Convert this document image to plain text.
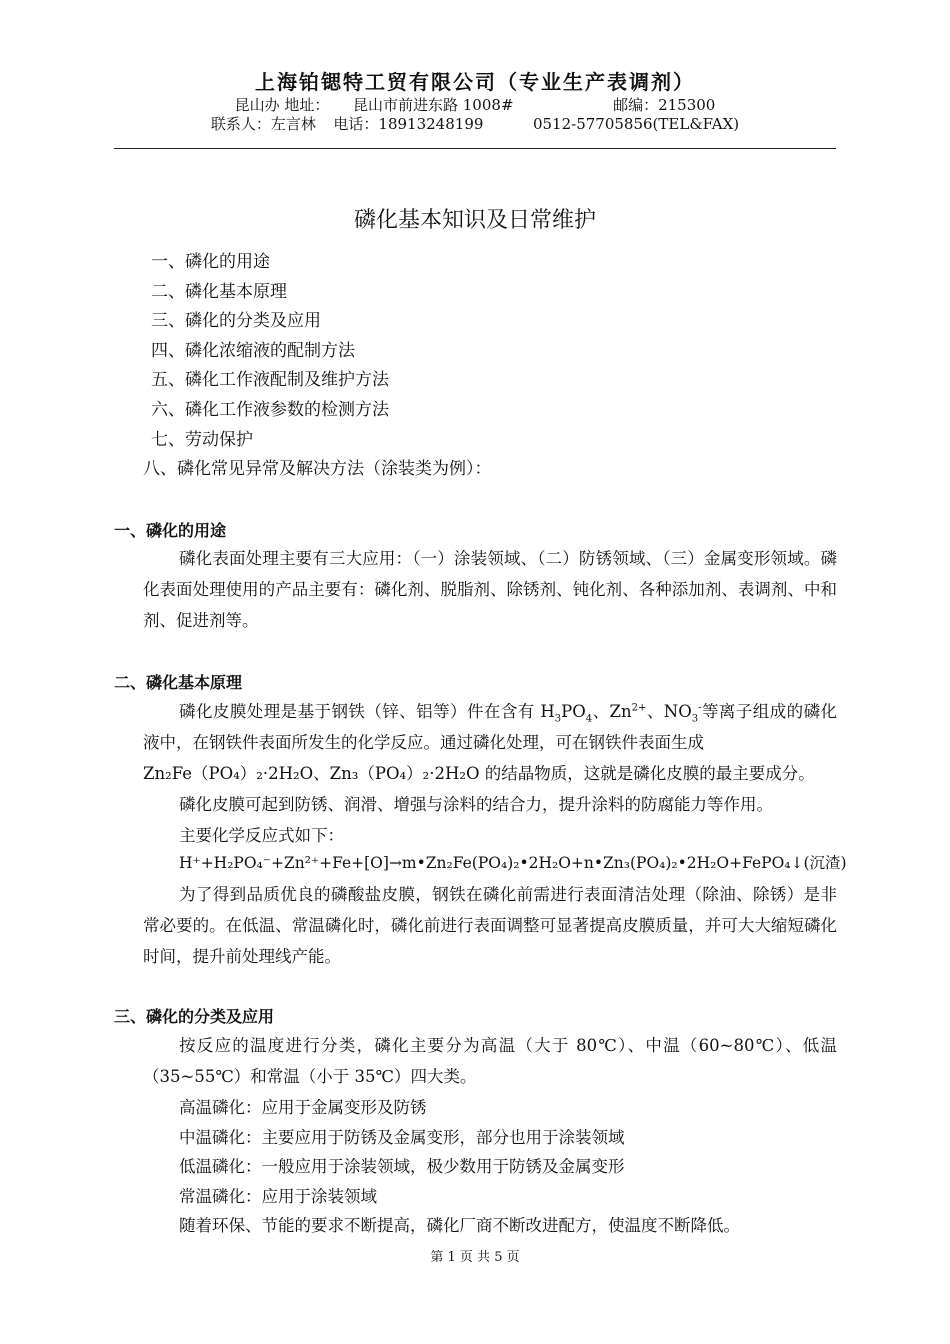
上海铂锶特工贸有限公司（专业生产表调剂）
昆山办 地址： 昆山市前进东路 1008#	邮编：215300
联系人：左言林 电话：18913248199	0512-57705856(TEL&FAX)
磷化基本知识及日常维护
一、磷化的用途
二、磷化基本原理
三、磷化的分类及应用
四、磷化浓缩液的配制方法
五、磷化工作液配制及维护方法
六、磷化工作液参数的检测方法
七、劳动保护
八、磷化常见异常及解决方法（涂装类为例）：
一、磷化的用途
磷化表面处理主要有三大应用：（一）涂装领域、（二）防锈领域、（三）金属变形领域。磷化表面处理使用的产品主要有：磷化剂、脱脂剂、除锈剂、钝化剂、各种添加剂、表调剂、中和剂、促进剂等。
二、磷化基本原理
磷化皮膜处理是基于钢铁（锌、铝等）件在含有 $H_3PO_4$、$Zn^{2+}$、$NO_3^-$等离子组成的磷化液中，在钢铁件表面所发生的化学反应。通过磷化处理，可在钢铁件表面生成
Zn₂Fe（PO₄）₂·2H₂O、Zn₃（PO₄）₂·2H₂O 的结晶物质，这就是磷化皮膜的最主要成分。
磷化皮膜可起到防锈、润滑、增强与涂料的结合力，提升涂料的防腐能力等作用。
主要化学反应式如下：
H⁺+H₂PO₄⁻+Zn²⁺+Fe+[O]→m•Zn₂Fe(PO₄)₂•2H₂O+n•Zn₃(PO₄)₂•2H₂O+FePO₄↓(沉渣)
为了得到品质优良的磷酸盐皮膜，钢铁在磷化前需进行表面清洁处理（除油、除锈）是非常必要的。在低温、常温磷化时，磷化前进行表面调整可显著提高皮膜质量，并可大大缩短磷化时间，提升前处理线产能。
三、磷化的分类及应用
按反应的温度进行分类，磷化主要分为高温（大于 80℃）、中温（60~80℃）、低温（35~55℃）和常温（小于 35℃）四大类。
高温磷化：应用于金属变形及防锈
中温磷化：主要应用于防锈及金属变形，部分也用于涂装领域
低温磷化：一般应用于涂装领域，极少数用于防锈及金属变形
常温磷化：应用于涂装领域
随着环保、节能的要求不断提高，磷化厂商不断改进配方，使温度不断降低。
第 1 页 共 5 页
